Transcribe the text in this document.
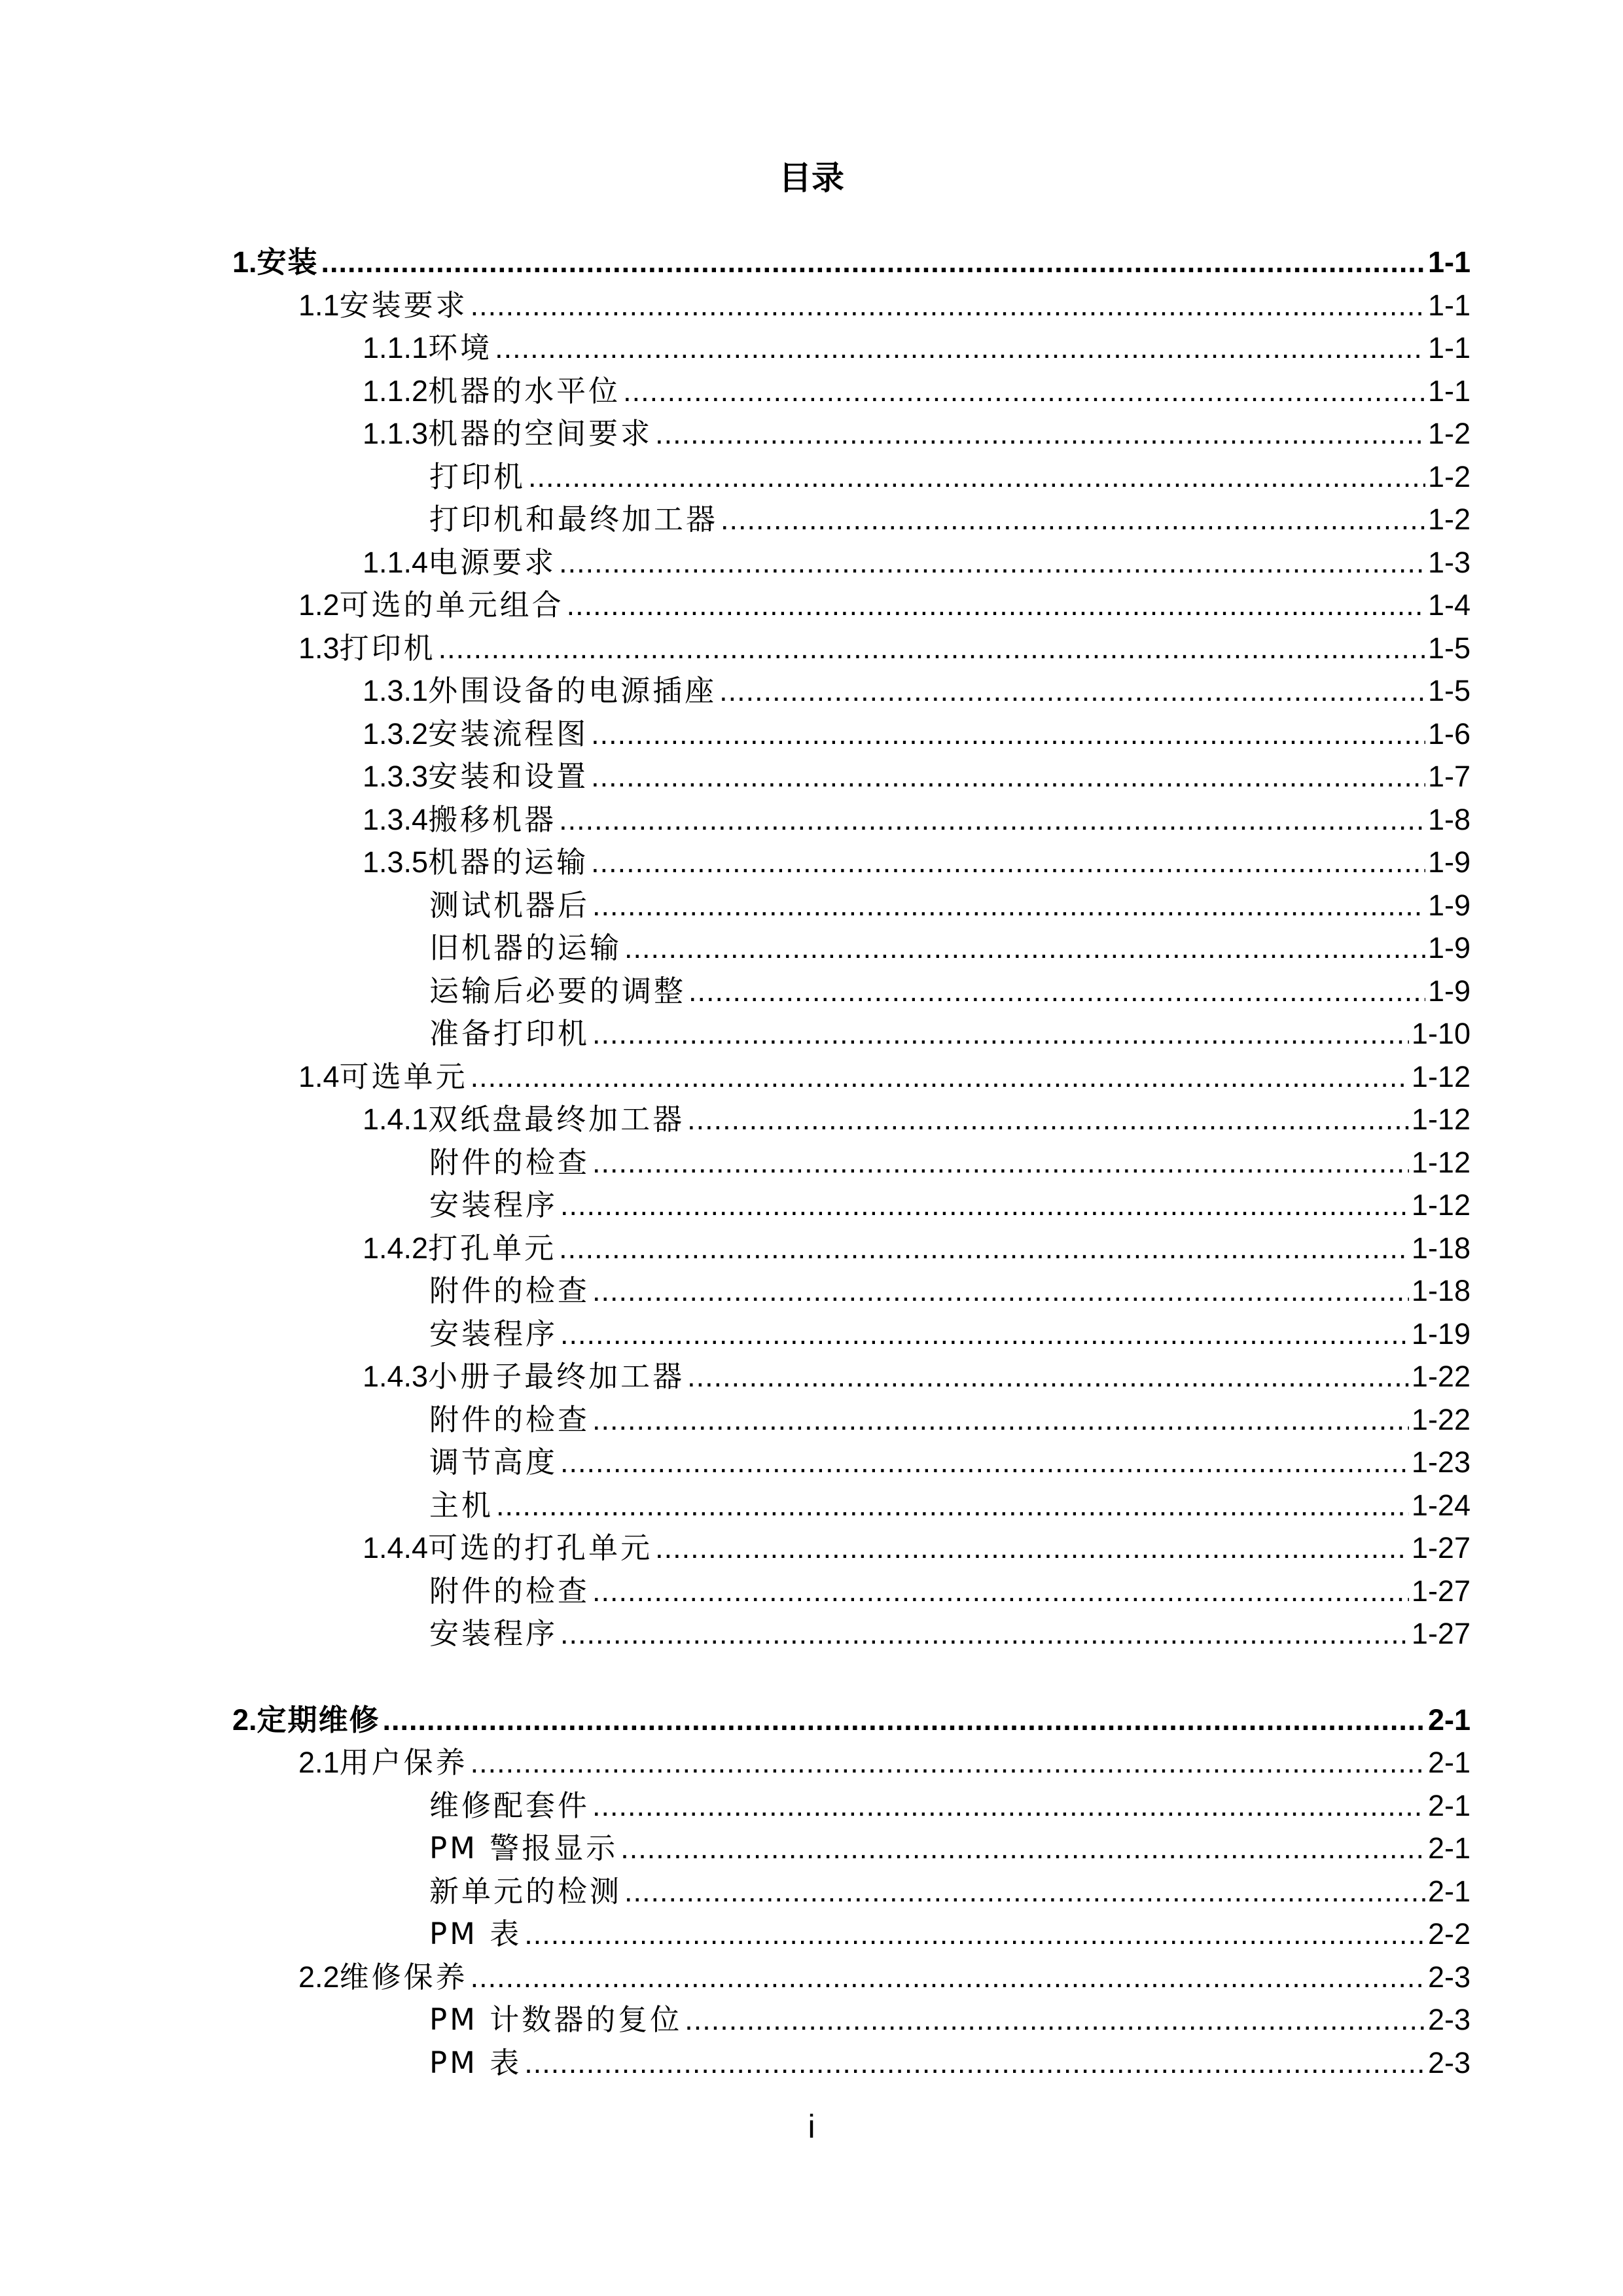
目录
1. 安装 .....	1-1
1.1 安装要求 .....	1-1
1.1.1 环境 .....	1-1
1.1.2 机器的水平位 .....	1-1
1.1.3 机器的空间要求 .....	1-2
打印机 .....	1-2
打印机和最终加工器 .....	1-2
1.1.4 电源要求 .....	1-3
1.2 可选的单元组合 .....	1-4
1.3 打印机 .....	1-5
1.3.1 外围设备的电源插座 .....	1-5
1.3.2 安装流程图 .....	1-6
1.3.3 安装和设置 .....	1-7
1.3.4 搬移机器 .....	1-8
1.3.5 机器的运输 .....	1-9
测试机器后 .....	1-9
旧机器的运输 .....	1-9
运输后必要的调整 .....	1-9
准备打印机 .....	1-10
1.4 可选单元 .....	1-12
1.4.1 双纸盘最终加工器 .....	1-12
附件的检查 .....	1-12
安装程序 .....	1-12
1.4.2 打孔单元 .....	1-18
附件的检查 .....	1-18
安装程序 .....	1-19
1.4.3 小册子最终加工器 .....	1-22
附件的检查 .....	1-22
调节高度 .....	1-23
主机 .....	1-24
1.4.4 可选的打孔单元 .....	1-27
附件的检查 .....	1-27
安装程序 .....	1-27
2. 定期维修 .....	2-1
2.1 用户保养 .....	2-1
维修配套件 .....	2-1
PM 警报显示 .....	2-1
新单元的检测 .....	2-1
PM 表 .....	2-2
2.2 维修保养 .....	2-3
PM 计数器的复位 .....	2-3
PM 表 .....	2-3
i
